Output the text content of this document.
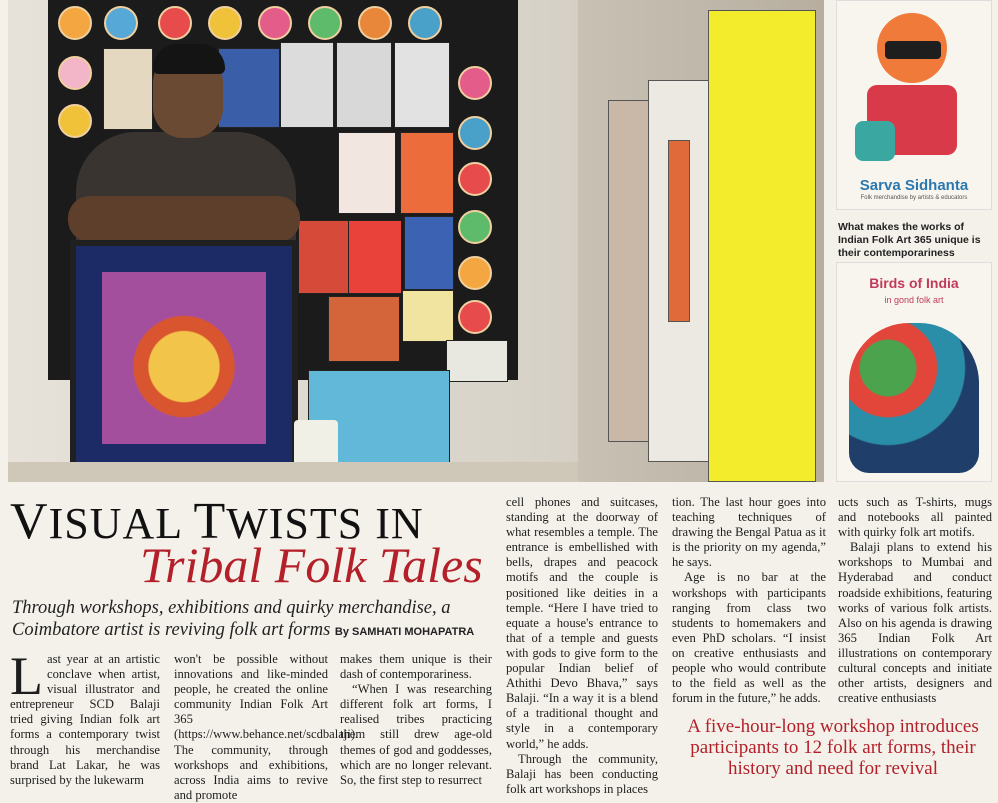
Sarva Sidhanta
Folk merchandise by artists & educators
What makes the works of Indian Folk Art 365 unique is their contemporariness
Birds of India
in gond folk art
VISUAL TWISTS IN
Tribal Folk Tales
Through workshops, exhibitions and quirky merchandise, a Coimbatore artist is reviving folk art forms By SAMHATI MOHAPATRA

Last year at an artistic conclave when artist, visual illustrator and entrepreneur SCD Balaji tried giving Indian folk art forms a contemporary twist through his merchandise brand Lat Lakar, he was surprised by the lukewarm

won't be possible without innovations and like-minded people, he created the online community Indian Folk Art 365 (https://www.behance.net/scdbalaji). The community, through workshops and exhibitions, across India aims to revive and promote

makes them unique is their dash of contemporariness.

“When I was researching different folk art forms, I realised tribes practicing them still drew age-old themes of god and goddesses, which are no longer relevant. So, the first step to resurrect

cell phones and suitcases, standing at the doorway of what resembles a temple. The entrance is embellished with bells, drapes and peacock motifs and the couple is positioned like deities in a temple. “Here I have tried to equate a house's entrance to that of a temple and guests with gods to give form to the popular Indian belief of Athithi Devo Bhava,” says Balaji. “In a way it is a blend of a traditional thought and style in a contemporary world,” he adds.

Through the community, Balaji has been conducting folk art workshops in places

tion. The last hour goes into teaching techniques of drawing the Bengal Patua as it is the priority on my agenda,” he says.

Age is no bar at the workshops with participants ranging from class two students to homemakers and even PhD scholars. “I insist on creative enthusiasts and people who would contribute to the field as well as the forum in the future,” he adds.

ucts such as T-shirts, mugs and notebooks all painted with quirky folk art motifs.

Balaji plans to extend his workshops to Mumbai and Hyderabad and conduct roadside exhibitions, featuring works of various folk artists. Also on his agenda is drawing 365 Indian Folk Art illustrations on contemporary cultural concepts and initiate other artists, designers and creative enthusiasts

A five-hour-long workshop introduces participants to 12 folk art forms, their history and need for revival
